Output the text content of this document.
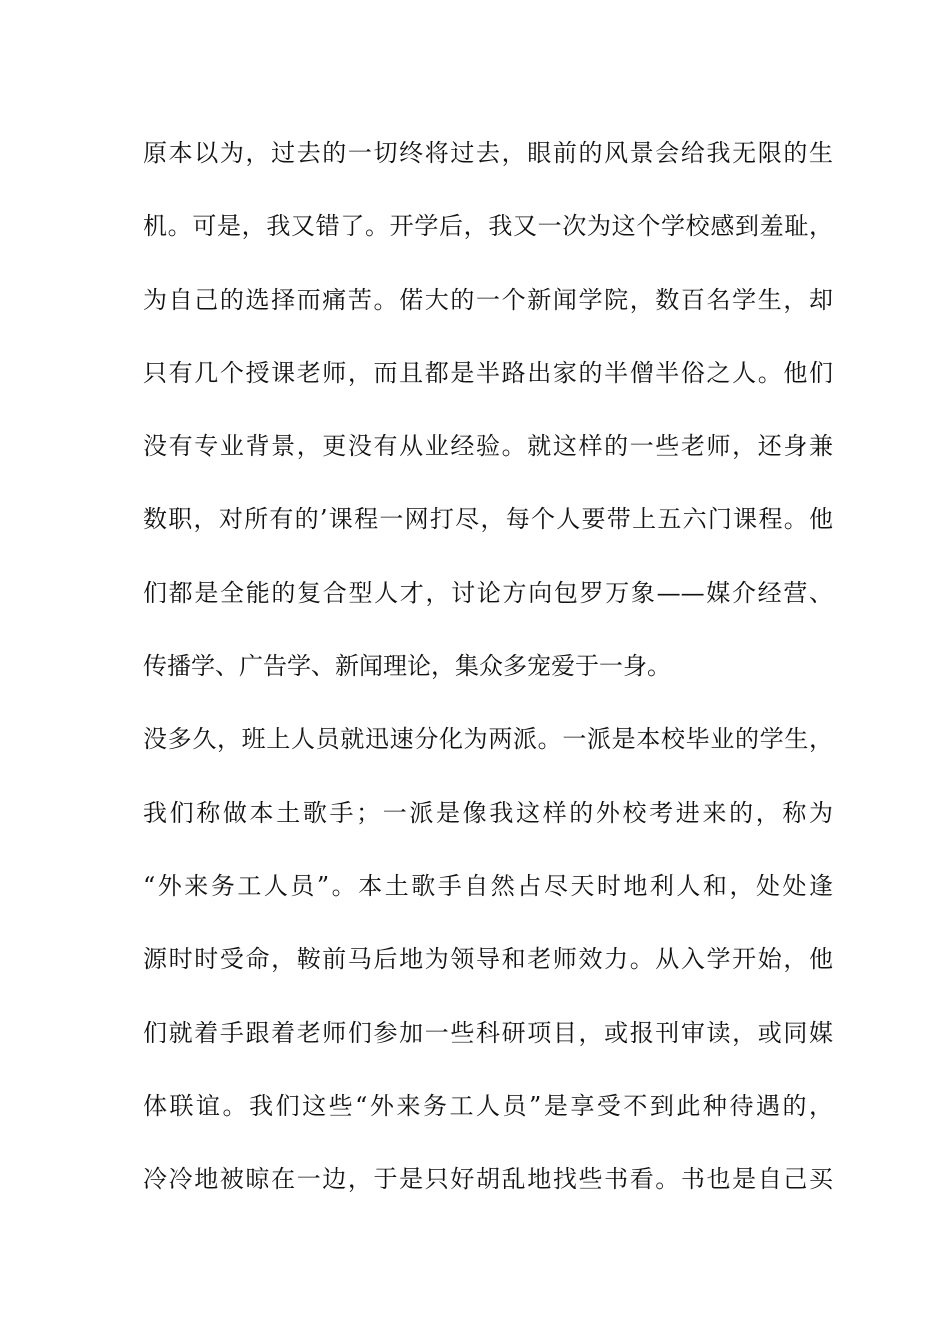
原本以为，过去的一切终将过去，眼前的风景会给我无限的生
机。可是，我又错了。开学后，我又一次为这个学校感到羞耻，
为自己的选择而痛苦。偌大的一个新闻学院，数百名学生，却
只有几个授课老师，而且都是半路出家的半僧半俗之人。他们
没有专业背景，更没有从业经验。就这样的一些老师，还身兼
数职，对所有的’课程一网打尽，每个人要带上五六门课程。他
们都是全能的复合型人才，讨论方向包罗万象——媒介经营、
传播学、广告学、新闻理论，集众多宠爱于一身。
没多久，班上人员就迅速分化为两派。一派是本校毕业的学生，
我们称做本土歌手；一派是像我这样的外校考进来的，称为
“外来务工人员”。本土歌手自然占尽天时地利人和，处处逢
源时时受命，鞍前马后地为领导和老师效力。从入学开始，他
们就着手跟着老师们参加一些科研项目，或报刊审读，或同媒
体联谊。我们这些“外来务工人员”是享受不到此种待遇的，
冷冷地被晾在一边，于是只好胡乱地找些书看。书也是自己买
